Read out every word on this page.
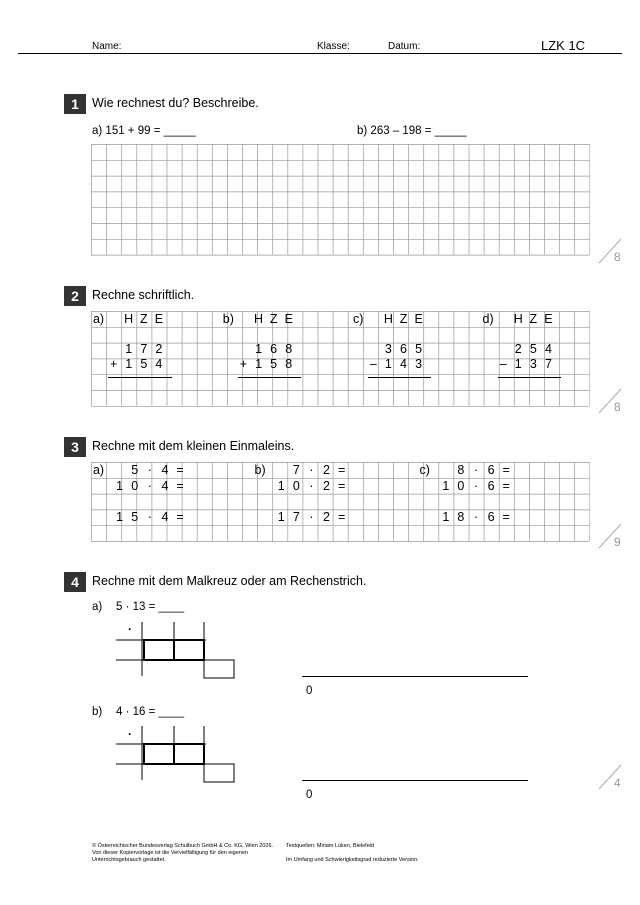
Name:	Klasse:	Datum:	LZK 1C
1	Wie rechnest du? Beschreibe.
a) 151 + 99 = _____	b) 263 – 198 = _____
8
2	Rechne schriftlich.
a) H Z E
1 7 2
+ 1 5 4
b) H Z E
1 6 8
+ 1 5 8
c) H Z E
3 6 5
– 1 4 3
d) H Z E
2 5 4
– 1 3 7
8
3	Rechne mit dem kleinen Einmaleins.
a)	5 · 4 =
1 0 · 4 =
1 5 · 4 =
b)	7 · 2 =
1 0 · 2 =
1 7 · 2 =
c)	8 · 6 =
1 0 · 6 =
1 8 · 6 =
9
4	Rechne mit dem Malkreuz oder am Rechenstrich.
a) 5 · 13 = ____
·
0
b) 4 · 16 = ____
·
0
4
© Österreichischer Bundesverlag Schulbuch GmbH & Co. KG, Wien 2026.
Von dieser Kopiervorlage ist die Vervielfältigung für den eigenen
Unterrichtsgebrauch gestattet.
Textquellen: Miriam Lüken, Bielefeld

Im Umfang und Schwierigkeitsgrad reduzierte Version.
